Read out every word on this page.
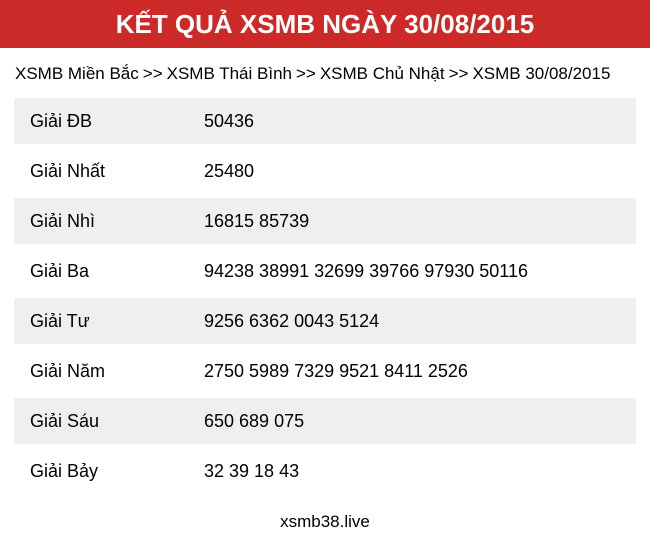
KẾT QUẢ XSMB NGÀY 30/08/2015
XSMB Miền Bắc >> XSMB Thái Bình >> XSMB Chủ Nhật >> XSMB 30/08/2015
Giải ĐB	50436
Giải Nhất	25480
Giải Nhì	16815 85739
Giải Ba	94238 38991 32699 39766 97930 50116
Giải Tư	9256 6362 0043 5124
Giải Năm	2750 5989 7329 9521 8411 2526
Giải Sáu	650 689 075
Giải Bảy	32 39 18 43
xsmb38.live
